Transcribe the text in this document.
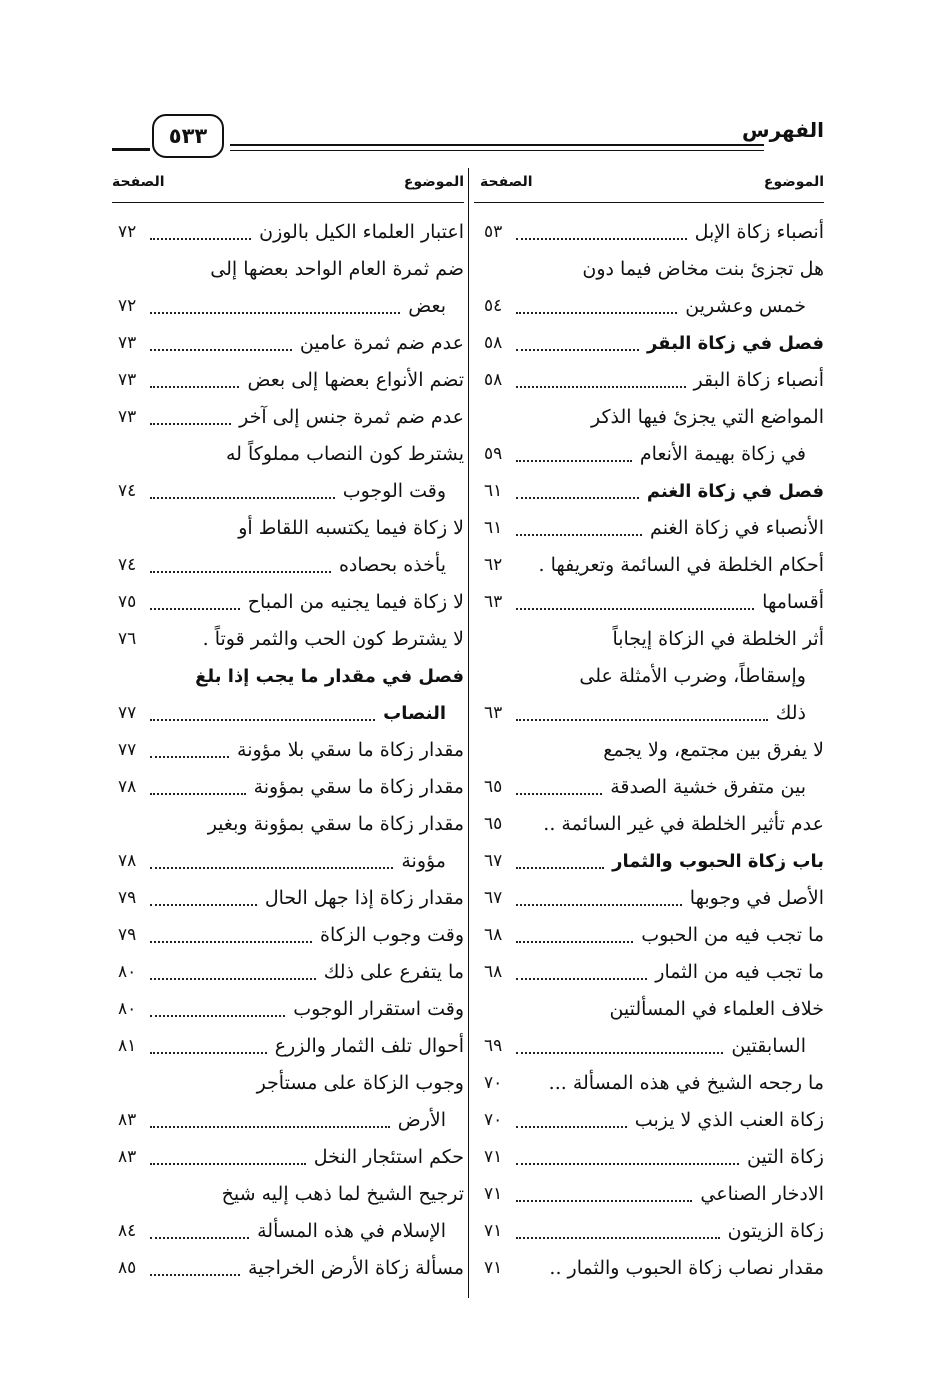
الفهرس
٥٣٣
الموضوع
الصفحة
أنصباء زكاة الإبل
٥٣
هل تجزئ بنت مخاض فيما دون
خمس وعشرين
٥٤
فصل في زكاة البقر
٥٨
أنصباء زكاة البقر
٥٨
المواضع التي يجزئ فيها الذكر
في زكاة بهيمة الأنعام
٥٩
فصل في زكاة الغنم
٦١
الأنصباء في زكاة الغنم
٦١
أحكام الخلطة في السائمة وتعريفها .
٦٢
أقسامها
٦٣
أثر الخلطة في الزكاة إيجاباً
وإسقاطاً، وضرب الأمثلة على
ذلك
٦٣
لا يفرق بين مجتمع، ولا يجمع
بين متفرق خشية الصدقة
٦٥
عدم تأثير الخلطة في غير السائمة ..
٦٥
باب زكاة الحبوب والثمار
٦٧
الأصل في وجوبها
٦٧
ما تجب فيه من الحبوب
٦٨
ما تجب فيه من الثمار
٦٨
خلاف العلماء في المسألتين
السابقتين
٦٩
ما رجحه الشيخ في هذه المسألة ...
٧٠
زكاة العنب الذي لا يزبب
٧٠
زكاة التين
٧١
الادخار الصناعي
٧١
زكاة الزيتون
٧١
مقدار نصاب زكاة الحبوب والثمار ..
٧١
الموضوع
الصفحة
اعتبار العلماء الكيل بالوزن
٧٢
ضم ثمرة العام الواحد بعضها إلى
بعض
٧٢
عدم ضم ثمرة عامين
٧٣
تضم الأنواع بعضها إلى بعض
٧٣
عدم ضم ثمرة جنس إلى آخر
٧٣
يشترط كون النصاب مملوكاً له
وقت الوجوب
٧٤
لا زكاة فيما يكتسبه اللقاط أو
يأخذه بحصاده
٧٤
لا زكاة فيما يجنيه من المباح
٧٥
لا يشترط كون الحب والثمر قوتاً .
٧٦
فصل في مقدار ما يجب إذا بلغ
النصاب
٧٧
مقدار زكاة ما سقي بلا مؤونة
٧٧
مقدار زكاة ما سقي بمؤونة
٧٨
مقدار زكاة ما سقي بمؤونة وبغير
مؤونة
٧٨
مقدار زكاة إذا جهل الحال
٧٩
وقت وجوب الزكاة
٧٩
ما يتفرع على ذلك
٨٠
وقت استقرار الوجوب
٨٠
أحوال تلف الثمار والزرع
٨١
وجوب الزكاة على مستأجر
الأرض
٨٣
حكم استئجار النخل
٨٣
ترجيح الشيخ لما ذهب إليه شيخ
الإسلام في هذه المسألة
٨٤
مسألة زكاة الأرض الخراجية
٨٥
